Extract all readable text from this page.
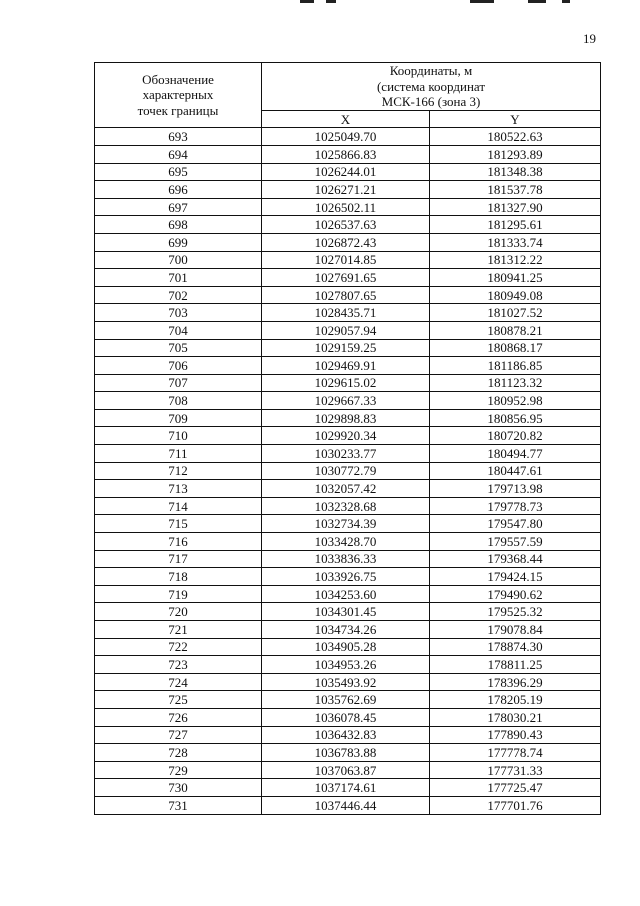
19
Обозначение
характерных
точек границы	Координаты, м
(система координат
МСК-166 (зона 3)	

	X	Y
693	1025049.70	180522.63
694	1025866.83	181293.89
695	1026244.01	181348.38
696	1026271.21	181537.78
697	1026502.11	181327.90
698	1026537.63	181295.61
699	1026872.43	181333.74
700	1027014.85	181312.22
701	1027691.65	180941.25
702	1027807.65	180949.08
703	1028435.71	181027.52
704	1029057.94	180878.21
705	1029159.25	180868.17
706	1029469.91	181186.85
707	1029615.02	181123.32
708	1029667.33	180952.98
709	1029898.83	180856.95
710	1029920.34	180720.82
711	1030233.77	180494.77
712	1030772.79	180447.61
713	1032057.42	179713.98
714	1032328.68	179778.73
715	1032734.39	179547.80
716	1033428.70	179557.59
717	1033836.33	179368.44
718	1033926.75	179424.15
719	1034253.60	179490.62
720	1034301.45	179525.32
721	1034734.26	179078.84
722	1034905.28	178874.30
723	1034953.26	178811.25
724	1035493.92	178396.29
725	1035762.69	178205.19
726	1036078.45	178030.21
727	1036432.83	177890.43
728	1036783.88	177778.74
729	1037063.87	177731.33
730	1037174.61	177725.47
731	1037446.44	177701.76
